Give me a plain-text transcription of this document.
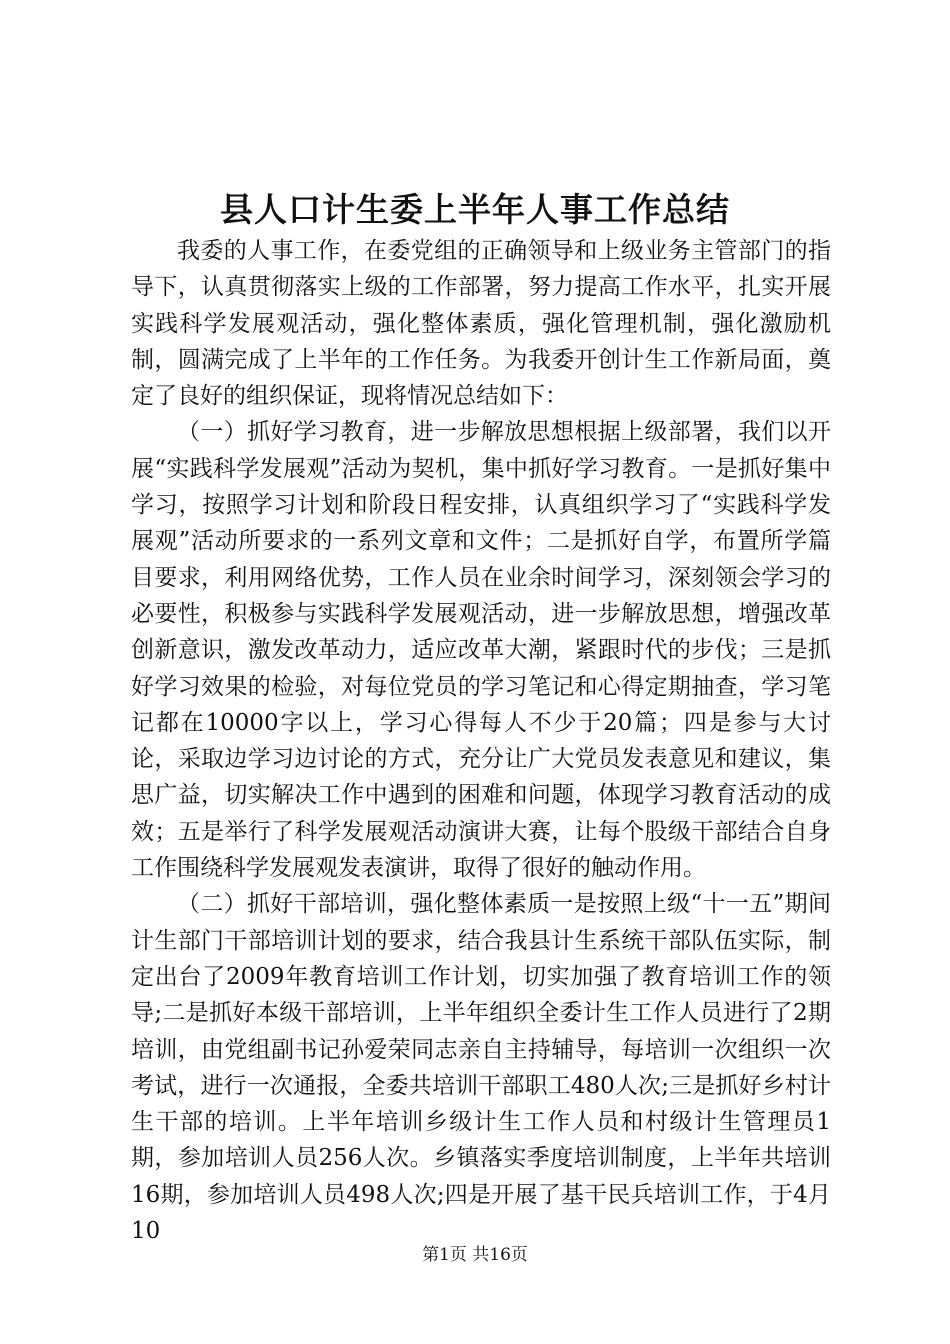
县人口计生委上半年人事工作总结

我委的人事工作，在委党组的正确领导和上级业务主管部门的指导下，认真贯彻落实上级的工作部署，努力提高工作水平，扎实开展实践科学发展观活动，强化整体素质，强化管理机制，强化激励机制，圆满完成了上半年的工作任务。为我委开创计生工作新局面，奠定了良好的组织保证，现将情况总结如下：

（一）抓好学习教育，进一步解放思想根据上级部署，我们以开展“实践科学发展观”活动为契机，集中抓好学习教育。一是抓好集中学习，按照学习计划和阶段日程安排，认真组织学习了“实践科学发展观”活动所要求的一系列文章和文件；二是抓好自学，布置所学篇目要求，利用网络优势，工作人员在业余时间学习，深刻领会学习的必要性，积极参与实践科学发展观活动，进一步解放思想，增强改革创新意识，激发改革动力，适应改革大潮，紧跟时代的步伐；三是抓好学习效果的检验，对每位党员的学习笔记和心得定期抽查，学习笔记都在10000字以上，学习心得每人不少于20篇；四是参与大讨论，采取边学习边讨论的方式，充分让广大党员发表意见和建议，集思广益，切实解决工作中遇到的困难和问题，体现学习教育活动的成效；五是举行了科学发展观活动演讲大赛，让每个股级干部结合自身工作围绕科学发展观发表演讲，取得了很好的触动作用。

（二）抓好干部培训，强化整体素质一是按照上级“十一五”期间计生部门干部培训计划的要求，结合我县计生系统干部队伍实际，制定出台了2009年教育培训工作计划，切实加强了教育培训工作的领导;二是抓好本级干部培训，上半年组织全委计生工作人员进行了2期培训，由党组副书记孙爱荣同志亲自主持辅导，每培训一次组织一次考试，进行一次通报，全委共培训干部职工480人次;三是抓好乡村计生干部的培训。上半年培训乡级计生工作人员和村级计生管理员1期，参加培训人员256人次。乡镇落实季度培训制度，上半年共培训16期，参加培训人员498人次;四是开展了基干民兵培训工作，于4月10

第1页 共16页
